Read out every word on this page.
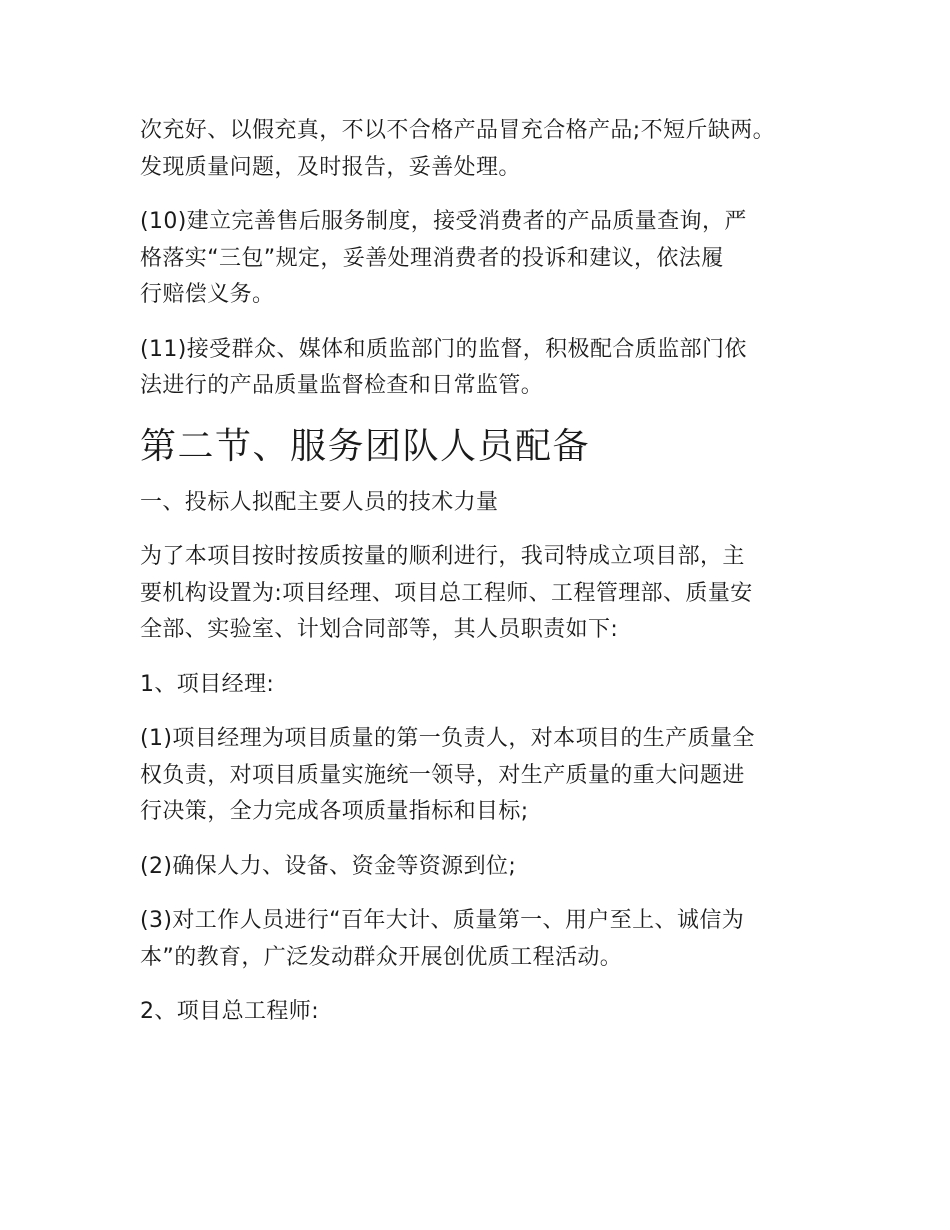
次充好、以假充真，不以不合格产品冒充合格产品;不短斤缺两。
发现质量问题，及时报告，妥善处理。

(10)建立完善售后服务制度，接受消费者的产品质量查询，严
格落实“三包”规定，妥善处理消费者的投诉和建议，依法履
行赔偿义务。

(11)接受群众、媒体和质监部门的监督，积极配合质监部门依
法进行的产品质量监督检查和日常监管。

第二节、服务团队人员配备

一、投标人拟配主要人员的技术力量

为了本项目按时按质按量的顺利进行，我司特成立项目部，主
要机构设置为:项目经理、项目总工程师、工程管理部、质量安
全部、实验室、计划合同部等，其人员职责如下:

1、项目经理:

(1)项目经理为项目质量的第一负责人，对本项目的生产质量全
权负责，对项目质量实施统一领导，对生产质量的重大问题进
行决策，全力完成各项质量指标和目标;

(2)确保人力、设备、资金等资源到位;

(3)对工作人员进行“百年大计、质量第一、用户至上、诚信为
本”的教育，广泛发动群众开展创优质工程活动。

2、项目总工程师:
